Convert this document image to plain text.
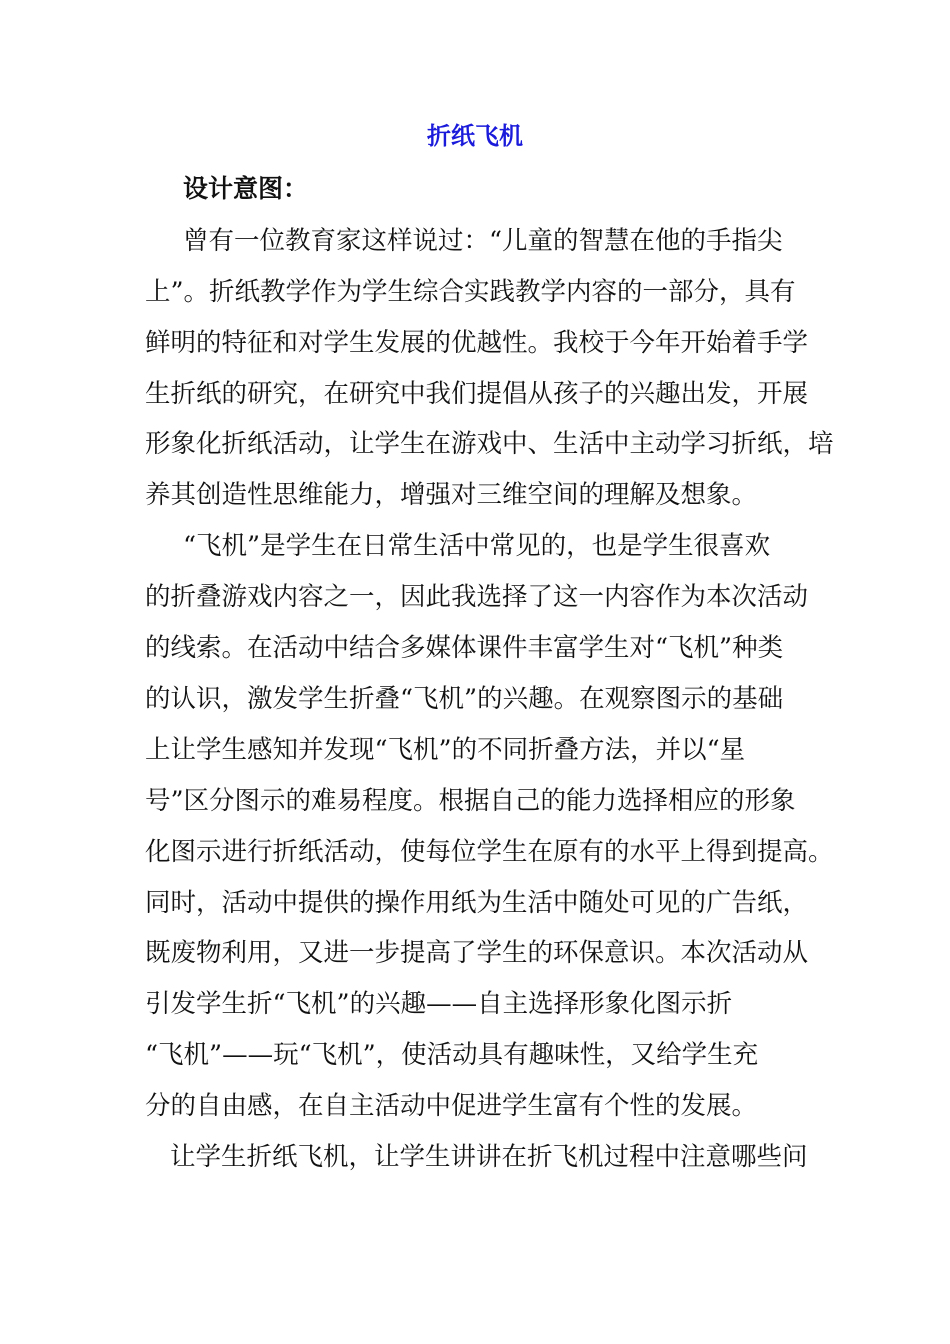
折纸飞机
设计意图：
曾有一位教育家这样说过：“儿童的智慧在他的手指尖
上”。折纸教学作为学生综合实践教学内容的一部分，具有
鲜明的特征和对学生发展的优越性。我校于今年开始着手学
生折纸的研究，在研究中我们提倡从孩子的兴趣出发，开展
形象化折纸活动，让学生在游戏中、生活中主动学习折纸，培
养其创造性思维能力，增强对三维空间的理解及想象。
“飞机”是学生在日常生活中常见的，也是学生很喜欢
的折叠游戏内容之一，因此我选择了这一内容作为本次活动
的线索。在活动中结合多媒体课件丰富学生对“飞机”种类
的认识，激发学生折叠“飞机”的兴趣。在观察图示的基础
上让学生感知并发现“飞机”的不同折叠方法，并以“星
号”区分图示的难易程度。根据自己的能力选择相应的形象
化图示进行折纸活动，使每位学生在原有的水平上得到提高。
同时，活动中提供的操作用纸为生活中随处可见的广告纸，
既废物利用，又进一步提高了学生的环保意识。本次活动从
引发学生折“飞机”的兴趣——自主选择形象化图示折
“飞机”——玩“飞机”，使活动具有趣味性，又给学生充
分的自由感，在自主活动中促进学生富有个性的发展。
让学生折纸飞机，让学生讲讲在折飞机过程中注意哪些问
